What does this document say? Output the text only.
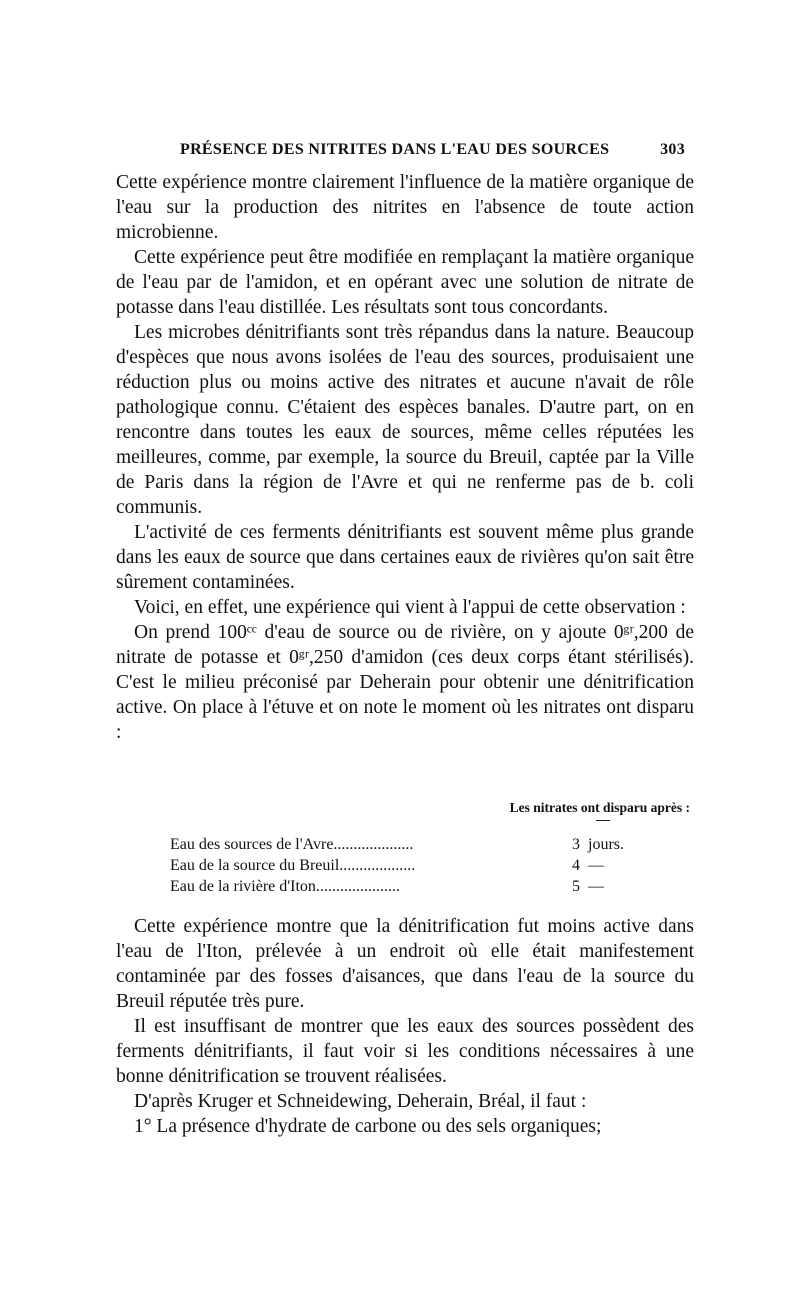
PRÉSENCE DES NITRITES DANS L'EAU DES SOURCES	303

Cette expérience montre clairement l'influence de la matière organique de l'eau sur la production des nitrites en l'absence de toute action microbienne.

Cette expérience peut être modifiée en remplaçant la matière organique de l'eau par de l'amidon, et en opérant avec une solution de nitrate de potasse dans l'eau distillée. Les résultats sont tous concordants.

Les microbes dénitrifiants sont très répandus dans la nature. Beaucoup d'espèces que nous avons isolées de l'eau des sources, produisaient une réduction plus ou moins active des nitrates et aucune n'avait de rôle pathologique connu. C'étaient des espèces banales. D'autre part, on en rencontre dans toutes les eaux de sources, même celles réputées les meilleures, comme, par exemple, la source du Breuil, captée par la Ville de Paris dans la région de l'Avre et qui ne renferme pas de b. coli communis.

L'activité de ces ferments dénitrifiants est souvent même plus grande dans les eaux de source que dans certaines eaux de rivières qu'on sait être sûrement contaminées.

Voici, en effet, une expérience qui vient à l'appui de cette observation :

On prend 100ᶜᶜ d'eau de source ou de rivière, on y ajoute 0ᵍʳ,200 de nitrate de potasse et 0ᵍʳ,250 d'amidon (ces deux corps étant stérilisés). C'est le milieu préconisé par Deherain pour obtenir une dénitrification active. On place à l'étuve et on note le moment où les nitrates ont disparu :

Les nitrates ont disparu après :
Eau des sources de l'Avre....................	3 jours.
Eau de la source du Breuil...................	4 —
Eau de la rivière d'Iton.....................	5 —

Cette expérience montre que la dénitrification fut moins active dans l'eau de l'Iton, prélevée à un endroit où elle était manifestement contaminée par des fosses d'aisances, que dans l'eau de la source du Breuil réputée très pure.

Il est insuffisant de montrer que les eaux des sources possèdent des ferments dénitrifiants, il faut voir si les conditions nécessaires à une bonne dénitrification se trouvent réalisées.

D'après Kruger et Schneidewing, Deherain, Bréal, il faut :

1° La présence d'hydrate de carbone ou des sels organiques;
